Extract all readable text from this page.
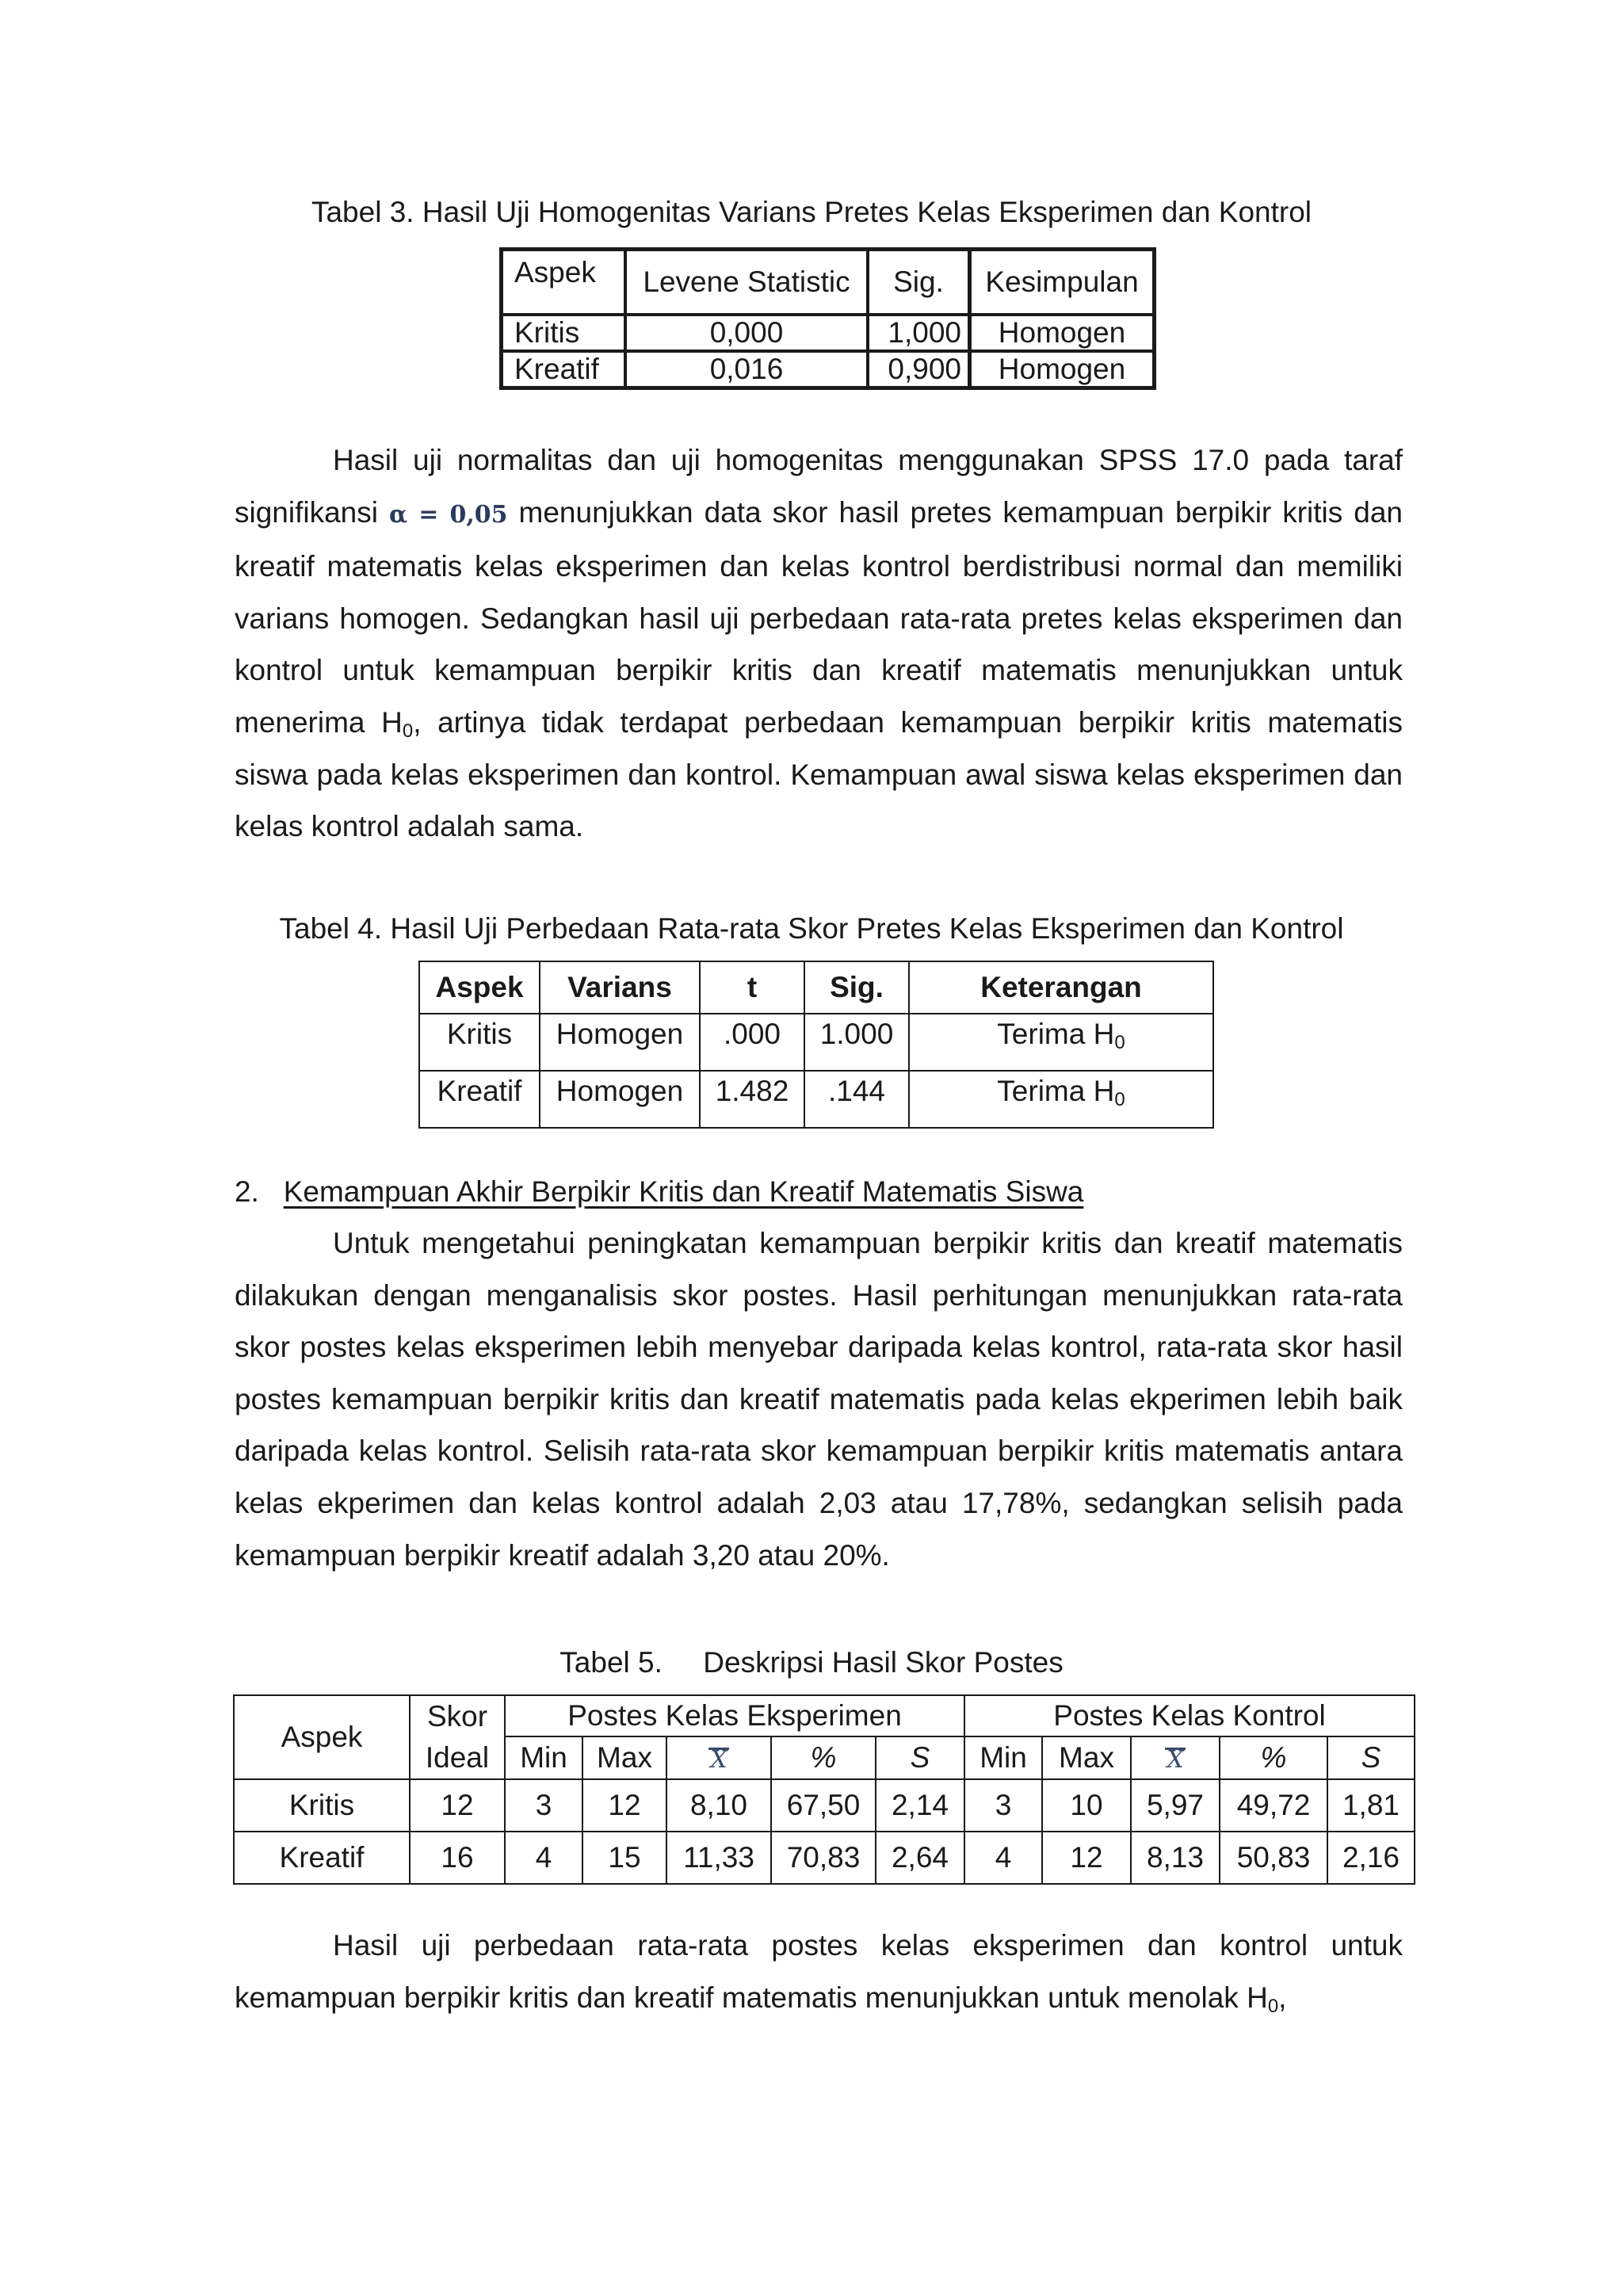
Tabel 3. Hasil Uji Homogenitas Varians Pretes Kelas Eksperimen dan Kontrol
Aspek	Levene Statistic	Sig.	Kesimpulan
Kritis	0,000	1,000	Homogen
Kreatif	0,016	0,900	Homogen

Hasil uji normalitas dan uji homogenitas menggunakan SPSS 17.0 pada taraf signifikansi α = 0,05 menunjukkan data skor hasil pretes kemampuan berpikir kritis dan kreatif matematis kelas eksperimen dan kelas kontrol berdistribusi normal dan memiliki varians homogen. Sedangkan hasil uji perbedaan rata-rata pretes kelas eksperimen dan kontrol untuk kemampuan berpikir kritis dan kreatif matematis menunjukkan untuk menerima $H_0$, artinya tidak terdapat perbedaan kemampuan berpikir kritis matematis siswa pada kelas eksperimen dan kontrol. Kemampuan awal siswa kelas eksperimen dan kelas kontrol adalah sama.

Tabel 4. Hasil Uji Perbedaan Rata-rata Skor Pretes Kelas Eksperimen dan Kontrol
Aspek	Varians	t	Sig.	Keterangan
Kritis	Homogen	.000	1.000	Terima $H_0$
Kreatif	Homogen	1.482	.144	Terima $H_0$
2. Kemampuan Akhir Berpikir Kritis dan Kreatif Matematis Siswa

Untuk mengetahui peningkatan kemampuan berpikir kritis dan kreatif matematis dilakukan dengan menganalisis skor postes. Hasil perhitungan menunjukkan rata-rata skor postes kelas eksperimen lebih menyebar daripada kelas kontrol, rata-rata skor hasil postes kemampuan berpikir kritis dan kreatif matematis pada kelas ekperimen lebih baik daripada kelas kontrol. Selisih rata-rata skor kemampuan berpikir kritis matematis antara kelas ekperimen dan kelas kontrol adalah 2,03 atau 17,78%, sedangkan selisih pada kemampuan berpikir kreatif adalah 3,20 atau 20%.

Tabel 5. Deskripsi Hasil Skor Postes
Aspek	Skor Ideal	Postes Kelas Eksperimen					Postes Kelas Kontrol				
		Min	Max	X	%	S	Min	Max	X	%	S
Kritis	12	3	12	8,10	67,50	2,14	3	10	5,97	49,72	1,81
Kreatif	16	4	15	11,33	70,83	2,64	4	12	8,13	50,83	2,16

Hasil uji perbedaan rata-rata postes kelas eksperimen dan kontrol untuk kemampuan berpikir kritis dan kreatif matematis menunjukkan untuk menolak $H_0$,
